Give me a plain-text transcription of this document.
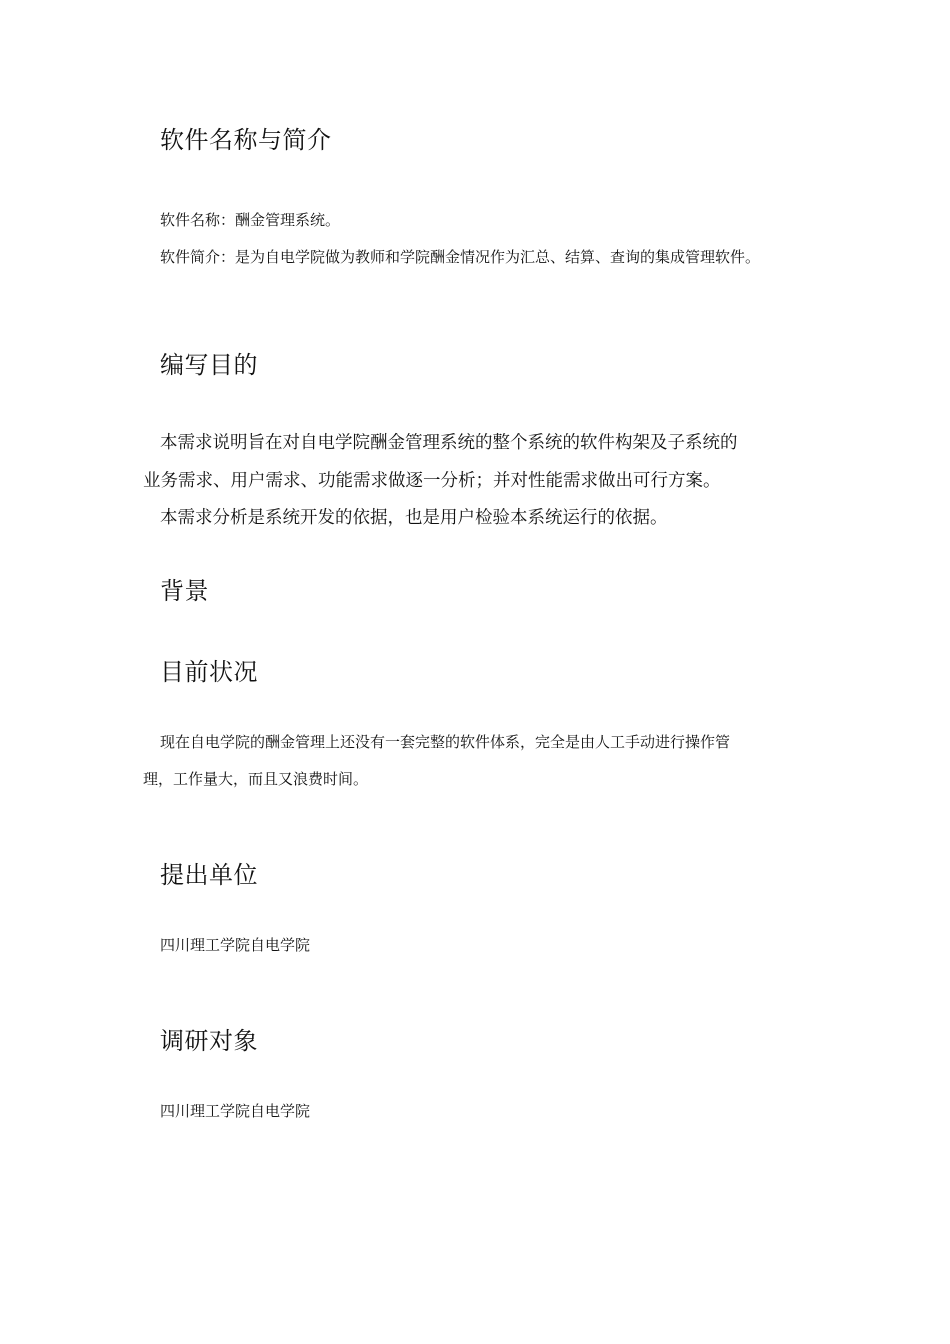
软件名称与简介
软件名称：酬金管理系统。
软件简介：是为自电学院做为教师和学院酬金情况作为汇总、结算、查询的集成管理软件。
编写目的
本需求说明旨在对自电学院酬金管理系统的整个系统的软件构架及子系统的
业务需求、用户需求、功能需求做逐一分析；并对性能需求做出可行方案。
本需求分析是系统开发的依据，也是用户检验本系统运行的依据。
背景
目前状况
现在自电学院的酬金管理上还没有一套完整的软件体系，完全是由人工手动进行操作管
理，工作量大，而且又浪费时间。
提出单位
四川理工学院自电学院
调研对象
四川理工学院自电学院
